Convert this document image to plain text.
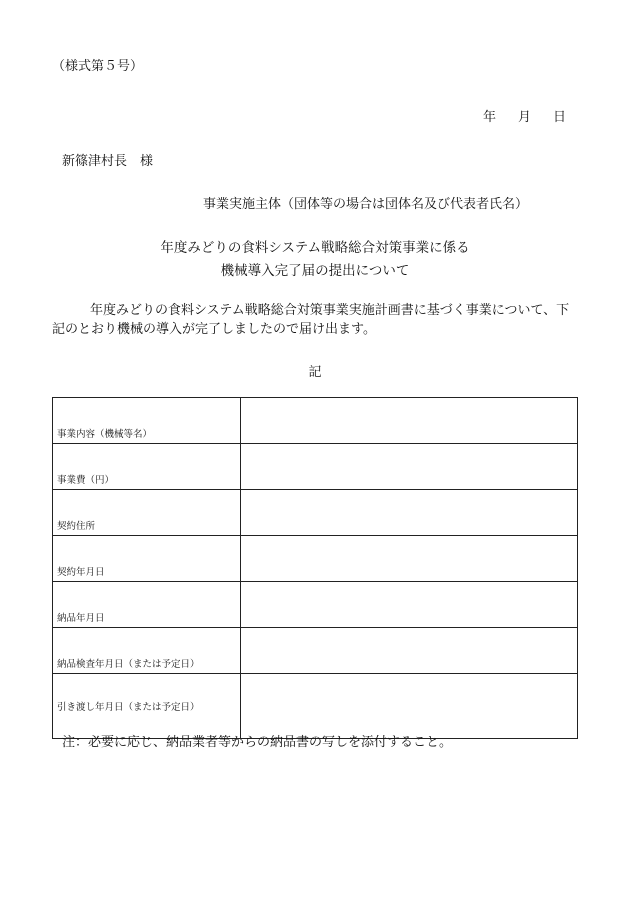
（様式第５号）
年 月 日
新篠津村長　様
事業実施主体（団体等の場合は団体名及び代表者氏名）
年度みどりの食料システム戦略総合対策事業に係る
機械導入完了届の提出について
年度みどりの食料システム戦略総合対策事業実施計画書に基づく事業について、下記のとおり機械の導入が完了しましたので届け出ます。
記
事業内容（機械等名）	
事業費（円）	
契約住所	
契約年月日	
納品年月日	
納品検査年月日（または予定日）	
引き渡し年月日（または予定日）	
注：必要に応じ、納品業者等からの納品書の写しを添付すること。
